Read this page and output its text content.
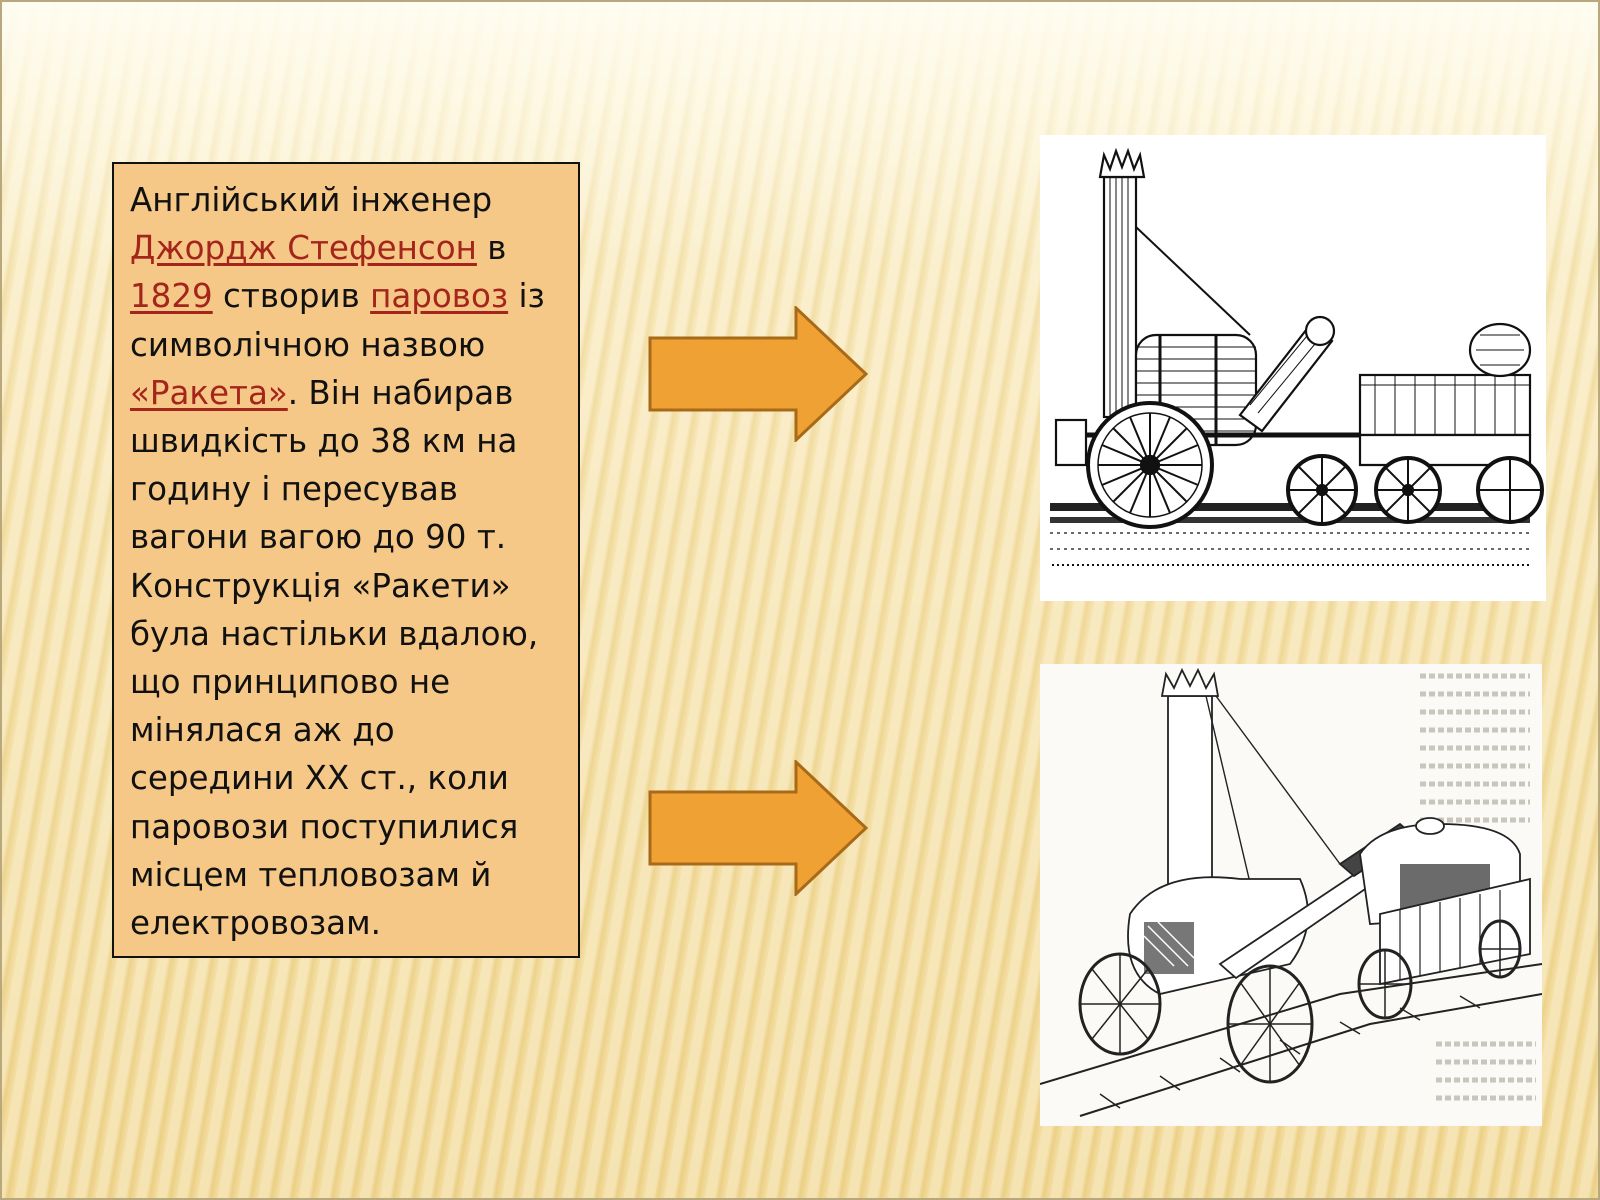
Англійський інженер
Джордж Стефенсон в
1829 створив паровоз із
символічною назвою
«Ракета». Він набирав швидкість до 38 км на годину і пересував вагони вагою до 90 т. Конструкція «Ракети» була настільки вдалою, що принципово не мінялася аж до середини ХХ ст., коли паровози поступилися місцем тепловозам й електровозам.
